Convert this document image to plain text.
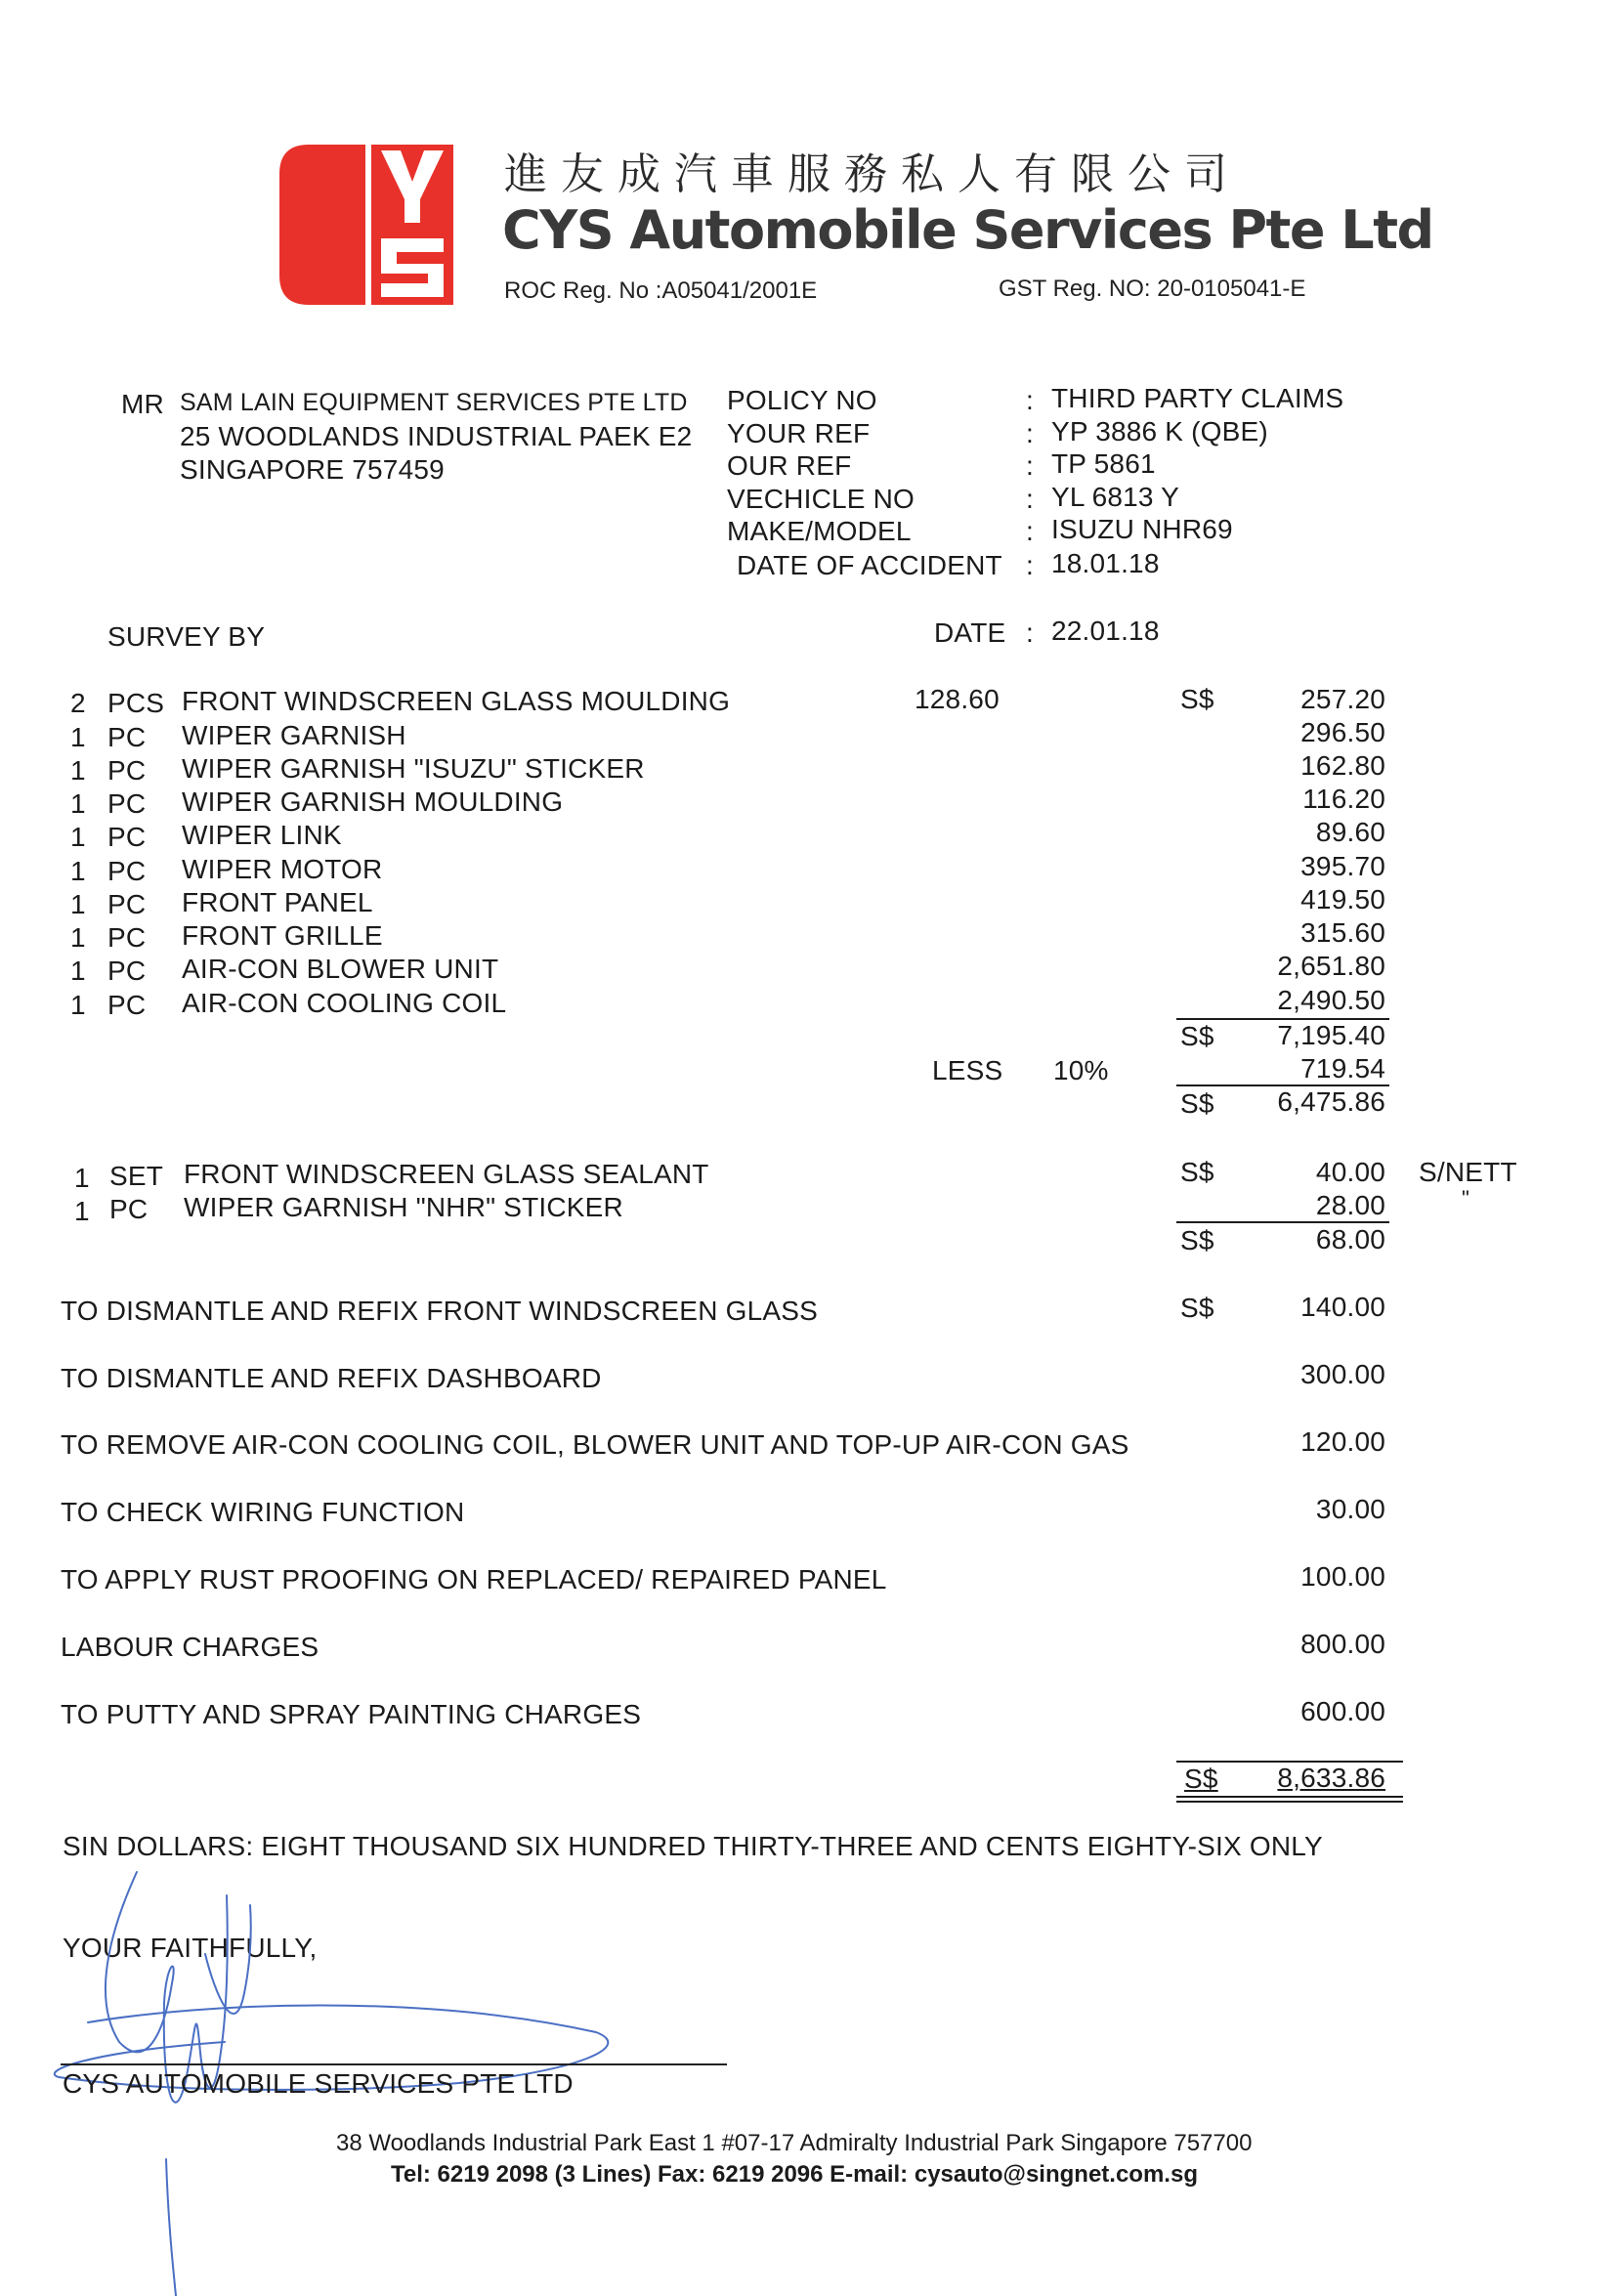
進友成汽車服務私人有限公司
CYS Automobile Services Pte Ltd
ROC Reg. No :A05041/2001E	GST Reg. NO: 20-0105041-E
MR SAM LAIN EQUIPMENT SERVICES PTE LTD
25 WOODLANDS INDUSTRIAL PAEK E2
SINGAPORE 757459
POLICY NO	: THIRD PARTY CLAIMS
YOUR REF	: YP 3886 K (QBE)
OUR REF	: TP 5861
VECHICLE NO	: YL 6813 Y
MAKE/MODEL	: ISUZU NHR69
DATE OF ACCIDENT : 18.01.18
SURVEY BY	DATE : 22.01.18
2 PCS FRONT WINDSCREEN GLASS MOULDING	128.60	S$	257.20
1 PC WIPER GARNISH	296.50
1 PC WIPER GARNISH "ISUZU" STICKER	162.80
1 PC WIPER GARNISH MOULDING	116.20
1 PC WIPER LINK	89.60
1 PC WIPER MOTOR	395.70
1 PC FRONT PANEL	419.50
1 PC FRONT GRILLE	315.60
1 PC AIR-CON BLOWER UNIT	2,651.80
1 PC AIR-CON COOLING COIL	2,490.50
S$	7,195.40
LESS 10%	719.54
S$	6,475.86
1 SET FRONT WINDSCREEN GLASS SEALANT	S$	40.00 S/NETT
1 PC WIPER GARNISH "NHR" STICKER	28.00	"
S$	68.00
TO DISMANTLE AND REFIX FRONT WINDSCREEN GLASS	S$	140.00
TO DISMANTLE AND REFIX DASHBOARD	300.00
TO REMOVE AIR-CON COOLING COIL, BLOWER UNIT AND TOP-UP AIR-CON GAS	120.00
TO CHECK WIRING FUNCTION	30.00
TO APPLY RUST PROOFING ON REPLACED/ REPAIRED PANEL	100.00
LABOUR CHARGES	800.00
TO PUTTY AND SPRAY PAINTING CHARGES	600.00
S$	8,633.86
SIN DOLLARS: EIGHT THOUSAND SIX HUNDRED THIRTY-THREE AND CENTS EIGHTY-SIX ONLY
YOUR FAITHFULLY,
CYS AUTOMOBILE SERVICES PTE LTD
38 Woodlands Industrial Park East 1 #07-17 Admiralty Industrial Park Singapore 757700
Tel: 6219 2098 (3 Lines) Fax: 6219 2096 E-mail: cysauto@singnet.com.sg
